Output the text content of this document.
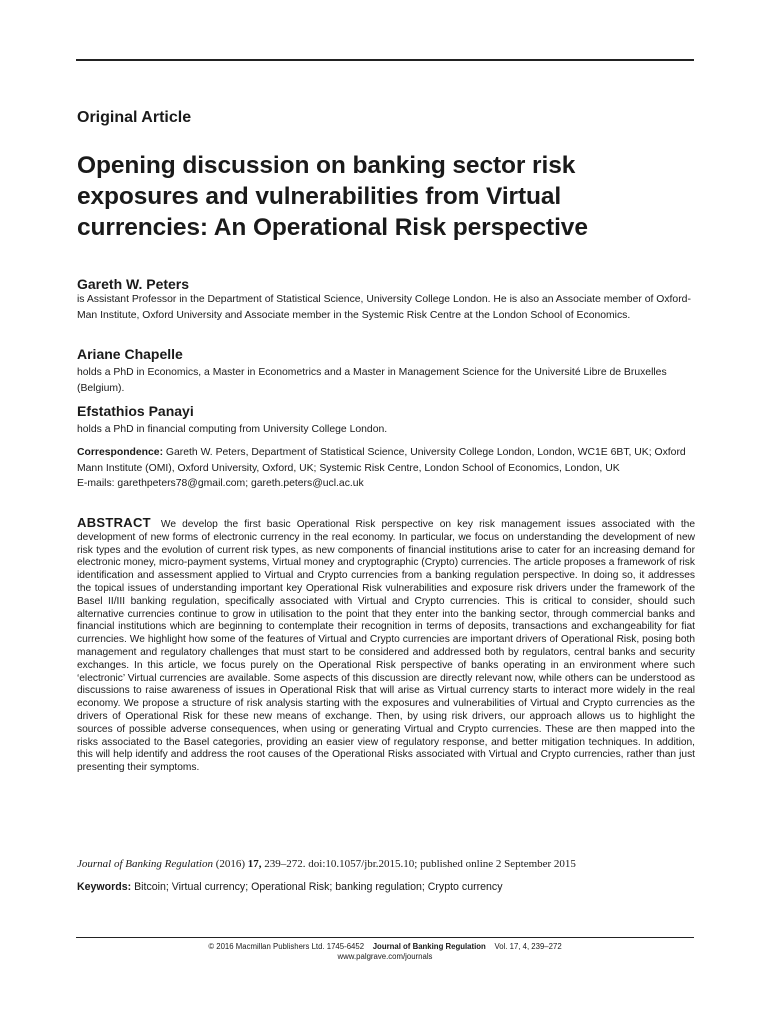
Original Article
Opening discussion on banking sector risk exposures and vulnerabilities from Virtual currencies: An Operational Risk perspective
Gareth W. Peters
is Assistant Professor in the Department of Statistical Science, University College London. He is also an Associate member of Oxford-Man Institute, Oxford University and Associate member in the Systemic Risk Centre at the London School of Economics.
Ariane Chapelle
holds a PhD in Economics, a Master in Econometrics and a Master in Management Science for the Université Libre de Bruxelles (Belgium).
Efstathios Panayi
holds a PhD in financial computing from University College London.
Correspondence: Gareth W. Peters, Department of Statistical Science, University College London, London, WC1E 6BT, UK; Oxford Mann Institute (OMI), Oxford University, Oxford, UK; Systemic Risk Centre, London School of Economics, London, UK
E-mails: garethpeters78@gmail.com; gareth.peters@ucl.ac.uk
ABSTRACT We develop the first basic Operational Risk perspective on key risk management issues associated with the development of new forms of electronic currency in the real economy. In particular, we focus on understanding the development of new risk types and the evolution of current risk types, as new components of financial institutions arise to cater for an increasing demand for electronic money, micro-payment systems, Virtual money and cryptographic (Crypto) currencies. The article proposes a framework of risk identification and assessment applied to Virtual and Crypto currencies from a banking regulation perspective. In doing so, it addresses the topical issues of understanding important key Operational Risk vulnerabilities and exposure risk drivers under the framework of the Basel II/III banking regulation, specifically associated with Virtual and Crypto currencies. This is critical to consider, should such alternative currencies continue to grow in utilisation to the point that they enter into the banking sector, through commercial banks and financial institutions which are beginning to contemplate their recognition in terms of deposits, transactions and exchangeability for fiat currencies. We highlight how some of the features of Virtual and Crypto currencies are important drivers of Operational Risk, posing both management and regulatory challenges that must start to be considered and addressed both by regulators, central banks and security exchanges. In this article, we focus purely on the Operational Risk perspective of banks operating in an environment where such ‘electronic’ Virtual currencies are available. Some aspects of this discussion are directly relevant now, while others can be understood as discussions to raise awareness of issues in Operational Risk that will arise as Virtual currency starts to interact more widely in the real economy. We propose a structure of risk analysis starting with the exposures and vulnerabilities of Virtual and Crypto currencies as the drivers of Operational Risk for these new means of exchange. Then, by using risk drivers, our approach allows us to highlight the sources of possible adverse consequences, when using or generating Virtual and Crypto currencies. These are then mapped into the risks associated to the Basel categories, providing an easier view of regulatory response, and better mitigation techniques. In addition, this will help identify and address the root causes of the Operational Risks associated with Virtual and Crypto currencies, rather than just presenting their symptoms.
Journal of Banking Regulation (2016) 17, 239–272. doi:10.1057/jbr.2015.10; published online 2 September 2015
Keywords: Bitcoin; Virtual currency; Operational Risk; banking regulation; Crypto currency
© 2016 Macmillan Publishers Ltd. 1745-6452 Journal of Banking Regulation Vol. 17, 4, 239–272
www.palgrave.com/journals
